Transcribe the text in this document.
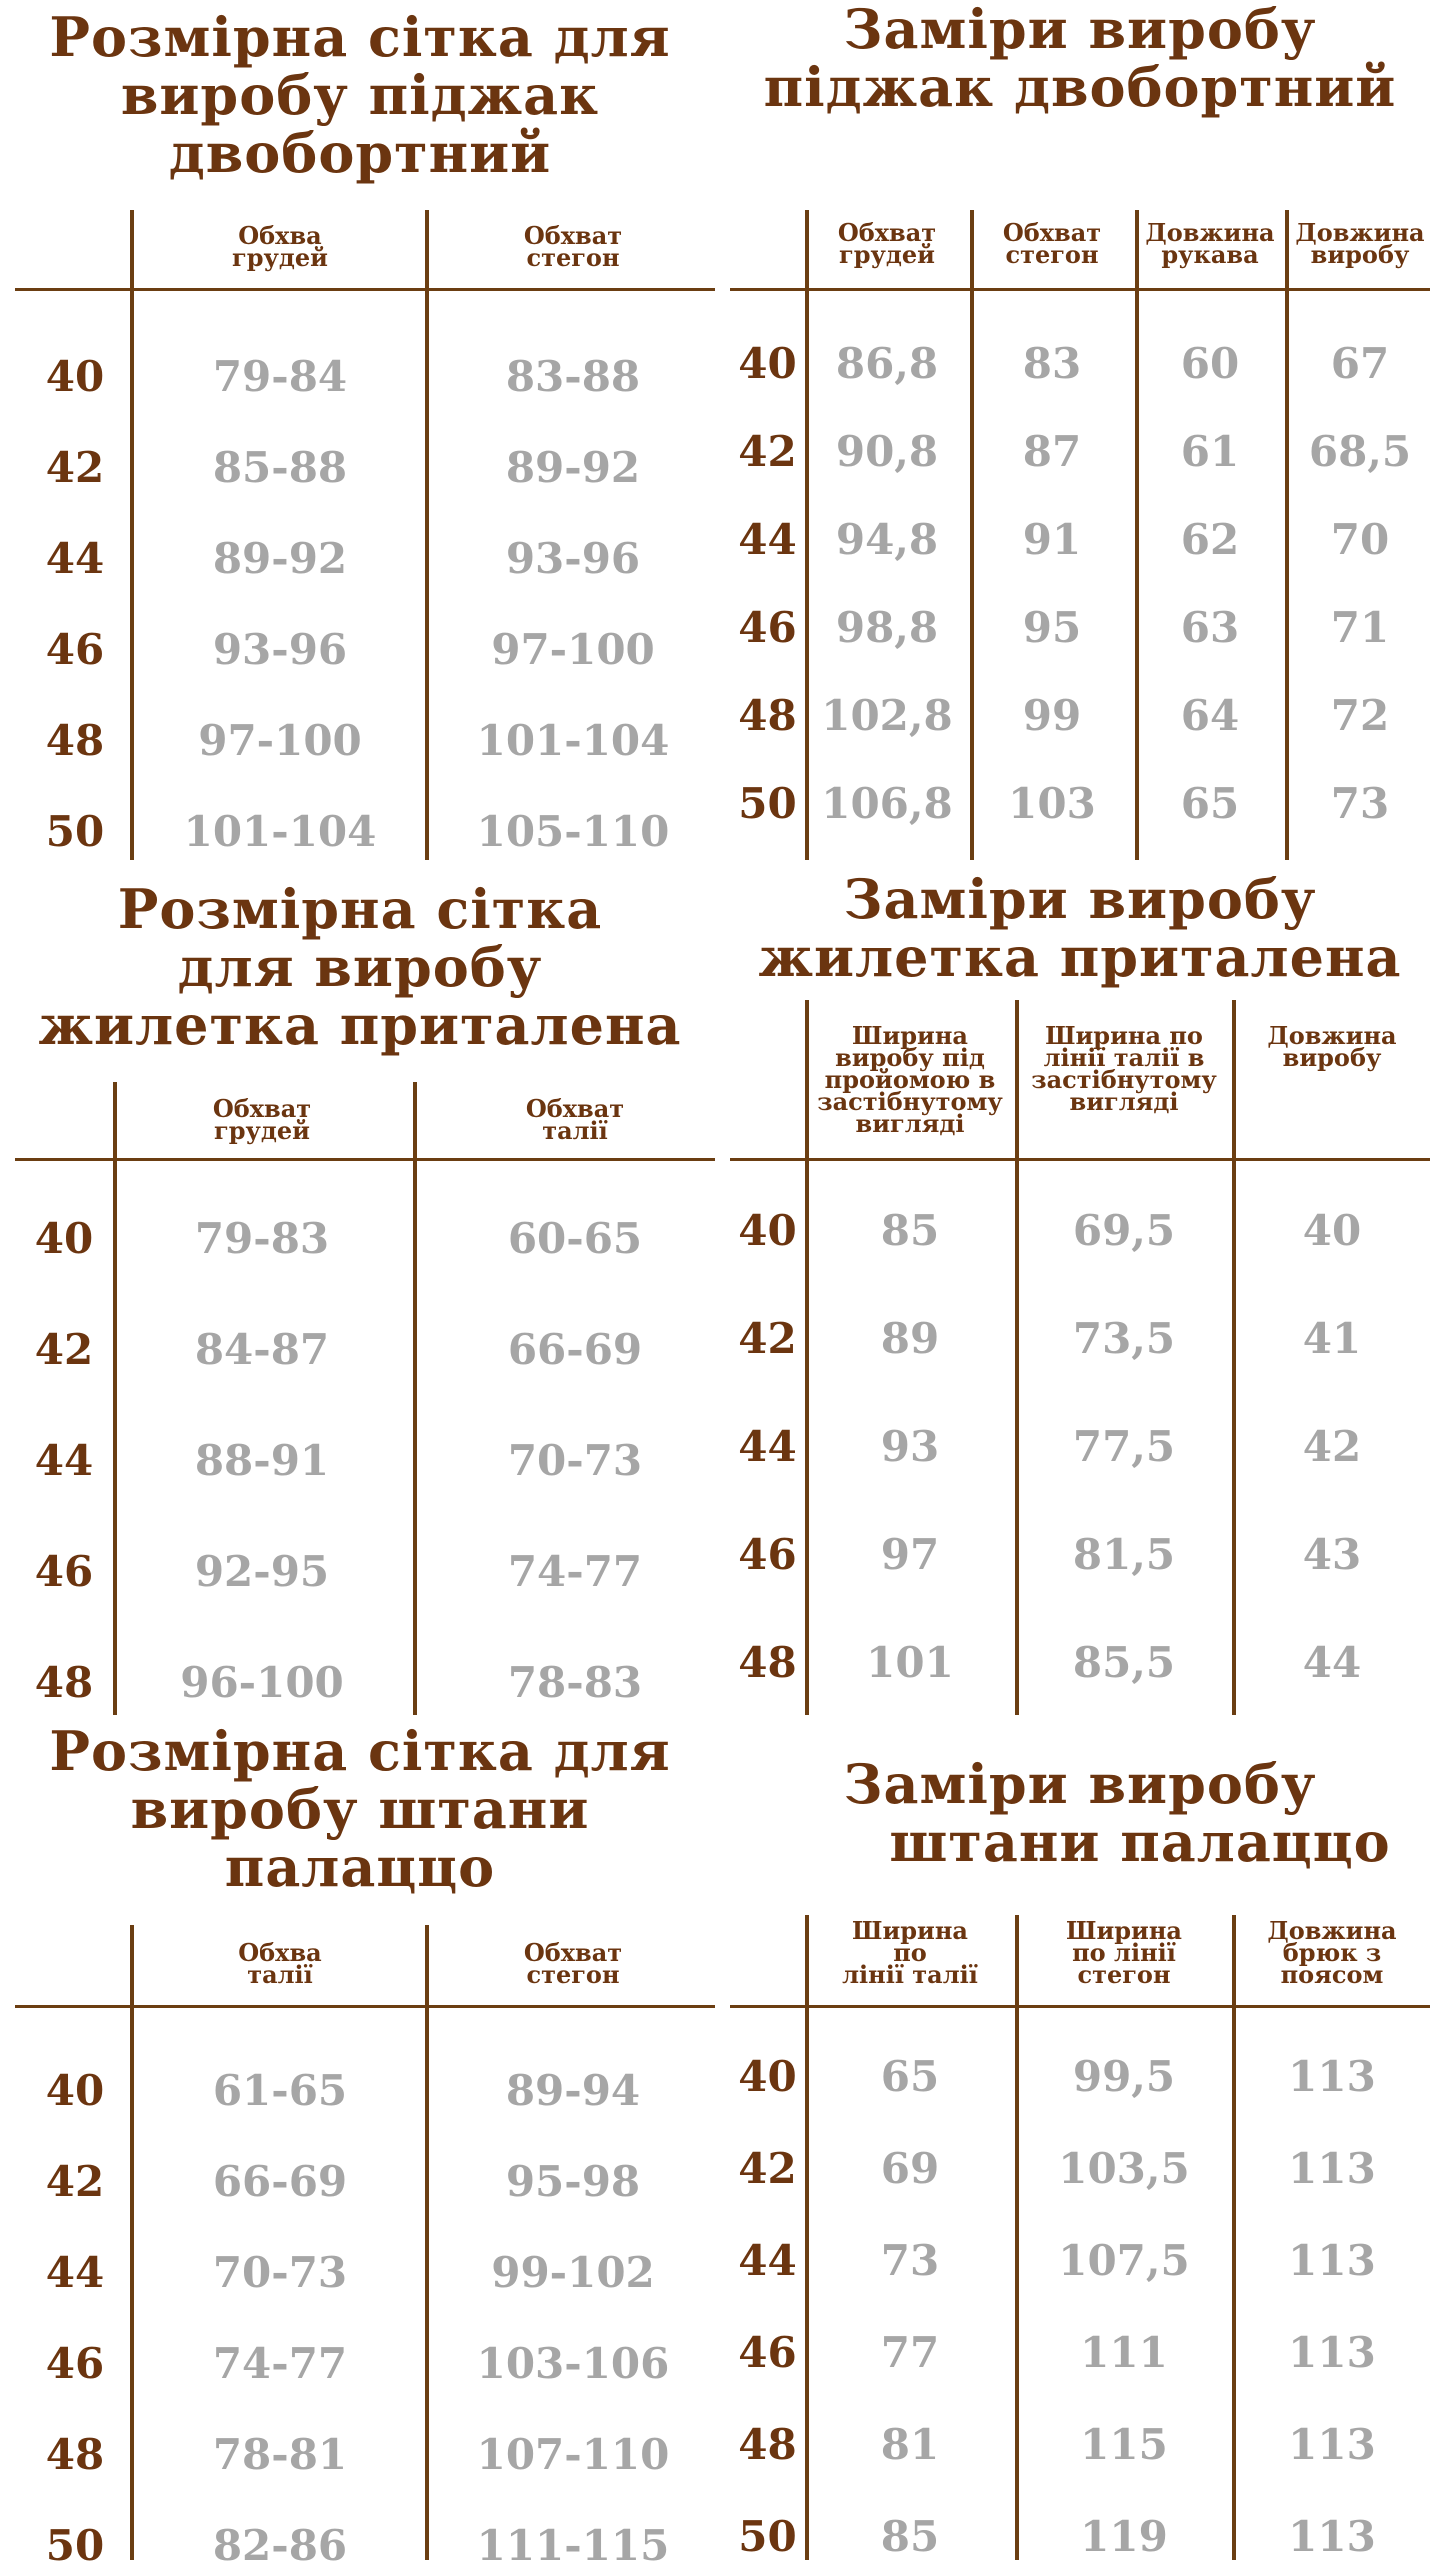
Розмірна сітка для
виробу піджак
двобортний
Обхва
грудей
Обхват
стегон
40	79-84	83-88
42	85-88	89-92
44	89-92	93-96
46	93-96	97-100
48	97-100	101-104
50	101-104	105-110
Заміри виробу
піджак двобортний
Обхват
грудей
Обхват
стегон
Довжина
рукава
Довжина
виробу
40 86,8	83	60	67
42 90,8	87	61	68,5
44 94,8	91	62	70
46 98,8	95	63	71
48 102,8	99	64	72
50 106,8	103	65	73
Розмірна сітка
для виробу
жилетка приталена
Обхват
грудей
Обхват
талії
40	79-83	60-65
42	84-87	66-69
44	88-91	70-73
46	92-95	74-77
48	96-100	78-83
Заміри виробу
жилетка приталена
Ширина
виробу під
пройомою в
застібнутому
вигляді
Ширина по
лінії талії в
застібнутому
вигляді
Довжина
виробу
40	85	69,5	40
42	89	73,5	41
44	93	77,5	42
46	97	81,5	43
48	101	85,5	44
Розмірна сітка для
виробу штани
палаццо
Обхва
талії
Обхват
стегон
40	61-65	89-94
42	66-69	95-98
44	70-73	99-102
46	74-77	103-106
48	78-81	107-110
50	82-86	111-115
Заміри виробу
штани палаццо
Ширина
по
лінії талії
Ширина
по лінії
стегон
Довжина
брюк з
поясом
40	65	99,5	113
42	69	103,5	113
44	73	107,5	113
46	77	111	113
48	81	115	113
50	85	119	113
